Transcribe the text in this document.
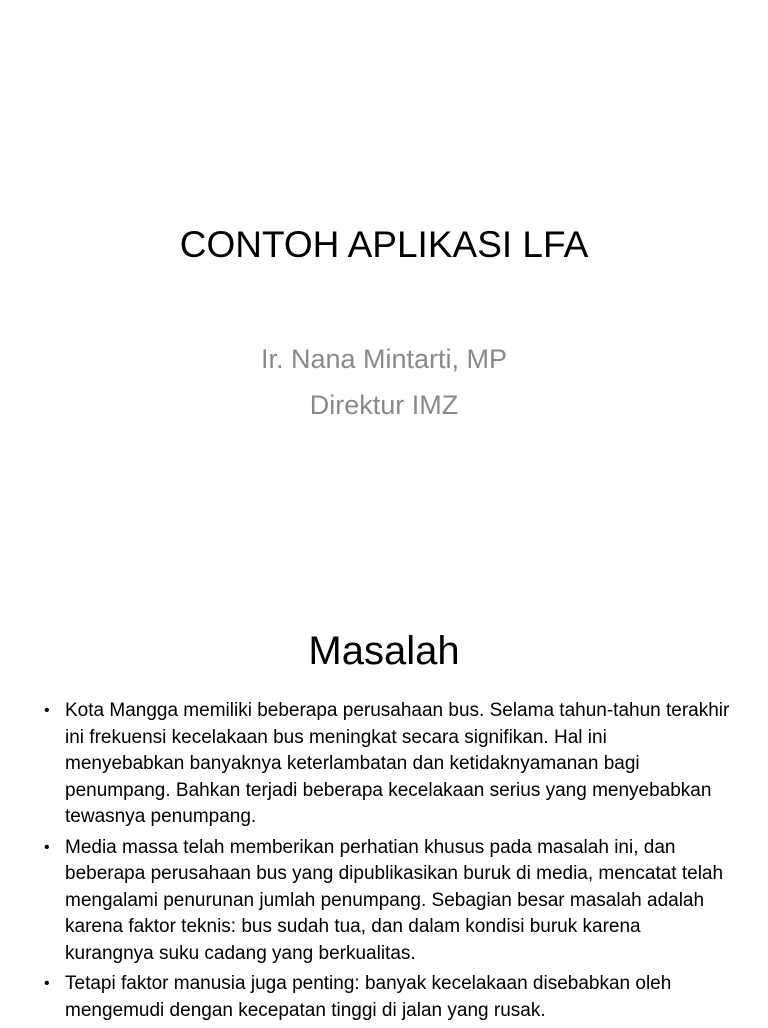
CONTOH APLIKASI LFA
Ir. Nana Mintarti, MP
Direktur IMZ
Masalah
• Kota Mangga memiliki beberapa perusahaan bus. Selama tahun-tahun terakhir ini frekuensi kecelakaan bus meningkat secara signifikan. Hal ini menyebabkan banyaknya keterlambatan dan ketidaknyamanan bagi penumpang. Bahkan terjadi beberapa kecelakaan serius yang menyebabkan tewasnya penumpang.
• Media massa telah memberikan perhatian khusus pada masalah ini, dan beberapa perusahaan bus yang dipublikasikan buruk di media, mencatat telah mengalami penurunan jumlah penumpang. Sebagian besar masalah adalah karena faktor teknis: bus sudah tua, dan dalam kondisi buruk karena kurangnya suku cadang yang berkualitas.
• Tetapi faktor manusia juga penting: banyak kecelakaan disebabkan oleh mengemudi dengan kecepatan tinggi di jalan yang rusak.
